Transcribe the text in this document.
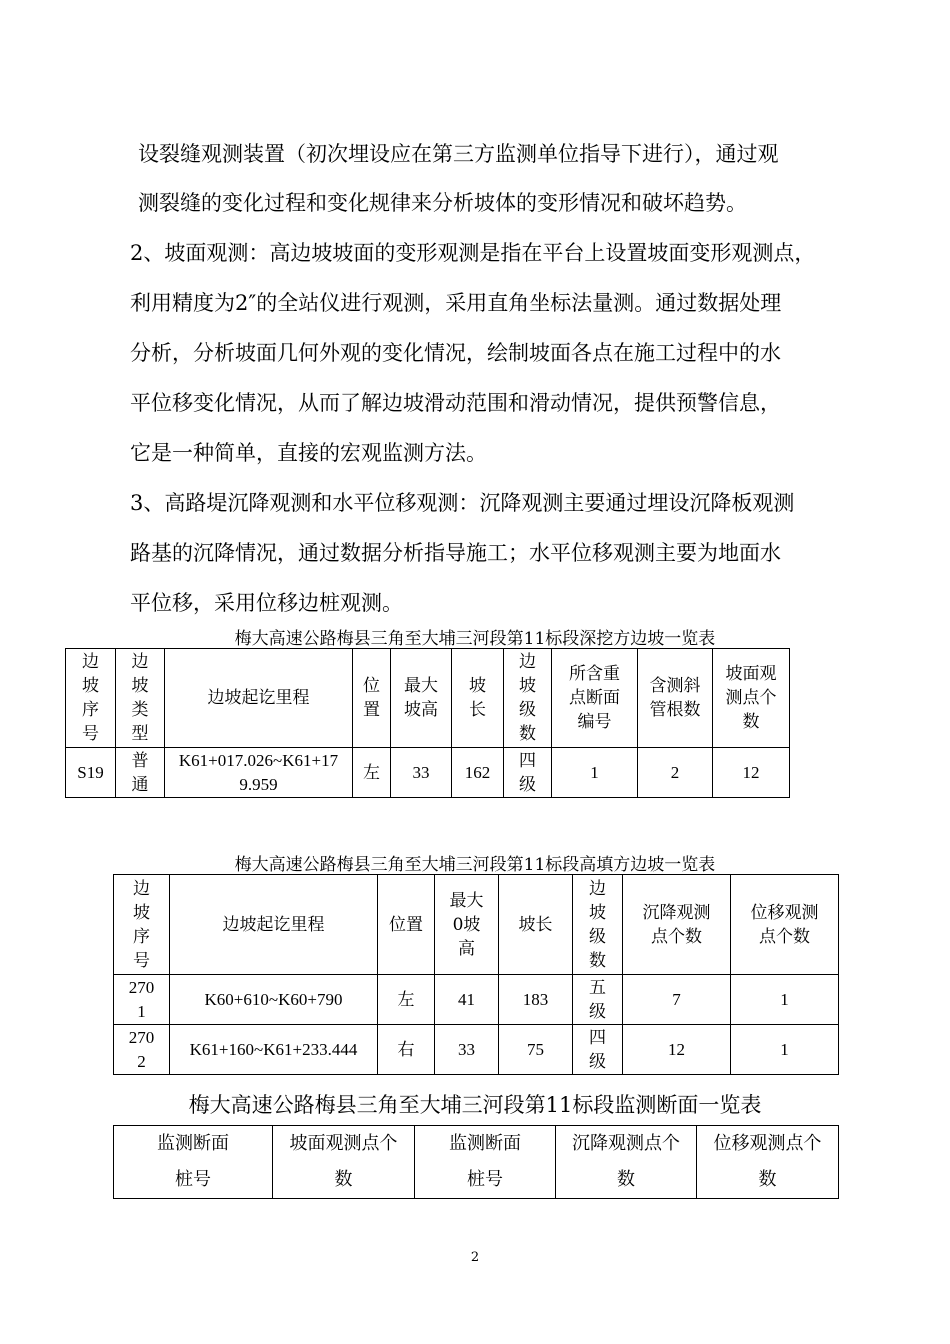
设裂缝观测装置（初次埋设应在第三方监测单位指导下进行），通过观

测裂缝的变化过程和变化规律来分析坡体的变形情况和破坏趋势。

2、坡面观测：高边坡坡面的变形观测是指在平台上设置坡面变形观测点，

利用精度为2″的全站仪进行观测，采用直角坐标法量测。通过数据处理

分析，分析坡面几何外观的变化情况，绘制坡面各点在施工过程中的水

平位移变化情况，从而了解边坡滑动范围和滑动情况，提供预警信息，

它是一种简单，直接的宏观监测方法。

3、高路堤沉降观测和水平位移观测：沉降观测主要通过埋设沉降板观测

路基的沉降情况，通过数据分析指导施工；水平位移观测主要为地面水

平位移，采用位移边桩观测。

梅大高速公路梅县三角至大埔三河段第11标段深挖方边坡一览表
边坡序号	边坡类型	边坡起讫里程	位置	最大坡高	坡长	边坡级数	所含重点断面编号	含测斜管根数	坡面观测点个数
S19	普通	K61+017.026~K61+179.959	左	33	162	四级	1	2	12
梅大高速公路梅县三角至大埔三河段第11标段高填方边坡一览表
边坡序号	边坡起讫里程	位置	最大0坡高	坡长	边坡级数	沉降观测点个数	位移观测点个数
2701	K60+610~K60+790	左	41	183	五级	7	1
2702	K61+160~K61+233.444	右	33	75	四级	12	1
梅大高速公路梅县三角至大埔三河段第11标段监测断面一览表
监测断面桩号	坡面观测点个数	监测断面桩号	沉降观测点个数	位移观测点个数
2
